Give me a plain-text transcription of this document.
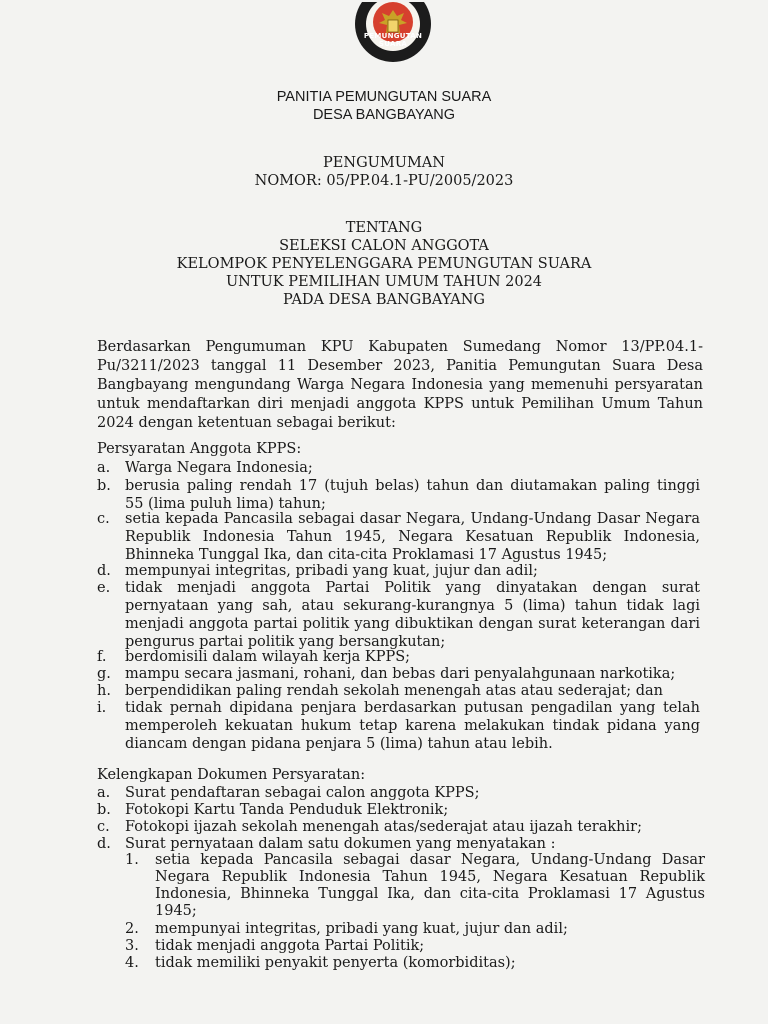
PEMUNGUTAN SUARA
PANITIA PEMUNGUTAN SUARA
DESA BANGBAYANG
PENGUMUMAN
NOMOR: 05/PP.04.1-PU/2005/2023
TENTANG
SELEKSI CALON ANGGOTA
KELOMPOK PENYELENGGARA PEMUNGUTAN SUARA
UNTUK PEMILIHAN UMUM TAHUN 2024
PADA DESA BANGBAYANG
Berdasarkan Pengumuman KPU Kabupaten Sumedang Nomor 13/PP.04.1-
Pu/3211/2023 tanggal 11 Desember 2023, Panitia Pemungutan Suara Desa
Bangbayang mengundang Warga Negara Indonesia yang memenuhi persyaratan
untuk mendaftarkan diri menjadi anggota KPPS untuk Pemilihan Umum Tahun
2024 dengan ketentuan sebagai berikut:
Persyaratan Anggota KPPS:
a. Warga Negara Indonesia;
b. berusia paling rendah 17 (tujuh belas) tahun dan diutamakan paling tinggi
55 (lima puluh lima) tahun;
c. setia kepada Pancasila sebagai dasar Negara, Undang-Undang Dasar Negara
Republik Indonesia Tahun 1945, Negara Kesatuan Republik Indonesia,
Bhinneka Tunggal Ika, dan cita-cita Proklamasi 17 Agustus 1945;
d. mempunyai integritas, pribadi yang kuat, jujur dan adil;
e. tidak menjadi anggota Partai Politik yang dinyatakan dengan surat
pernyataan yang sah, atau sekurang-kurangnya 5 (lima) tahun tidak lagi
menjadi anggota partai politik yang dibuktikan dengan surat keterangan dari
pengurus partai politik yang bersangkutan;
f. berdomisili dalam wilayah kerja KPPS;
g. mampu secara jasmani, rohani, dan bebas dari penyalahgunaan narkotika;
h. berpendidikan paling rendah sekolah menengah atas atau sederajat; dan
i. tidak pernah dipidana penjara berdasarkan putusan pengadilan yang telah
memperoleh kekuatan hukum tetap karena melakukan tindak pidana yang
diancam dengan pidana penjara 5 (lima) tahun atau lebih.
Kelengkapan Dokumen Persyaratan:
a. Surat pendaftaran sebagai calon anggota KPPS;
b. Fotokopi Kartu Tanda Penduduk Elektronik;
c. Fotokopi ijazah sekolah menengah atas/sederajat atau ijazah terakhir;
d. Surat pernyataan dalam satu dokumen yang menyatakan :
1. setia kepada Pancasila sebagai dasar Negara, Undang-Undang Dasar
Negara Republik Indonesia Tahun 1945, Negara Kesatuan Republik
Indonesia, Bhinneka Tunggal Ika, dan cita-cita Proklamasi 17 Agustus
1945;
2. mempunyai integritas, pribadi yang kuat, jujur dan adil;
3. tidak menjadi anggota Partai Politik;
4. tidak memiliki penyakit penyerta (komorbiditas);
